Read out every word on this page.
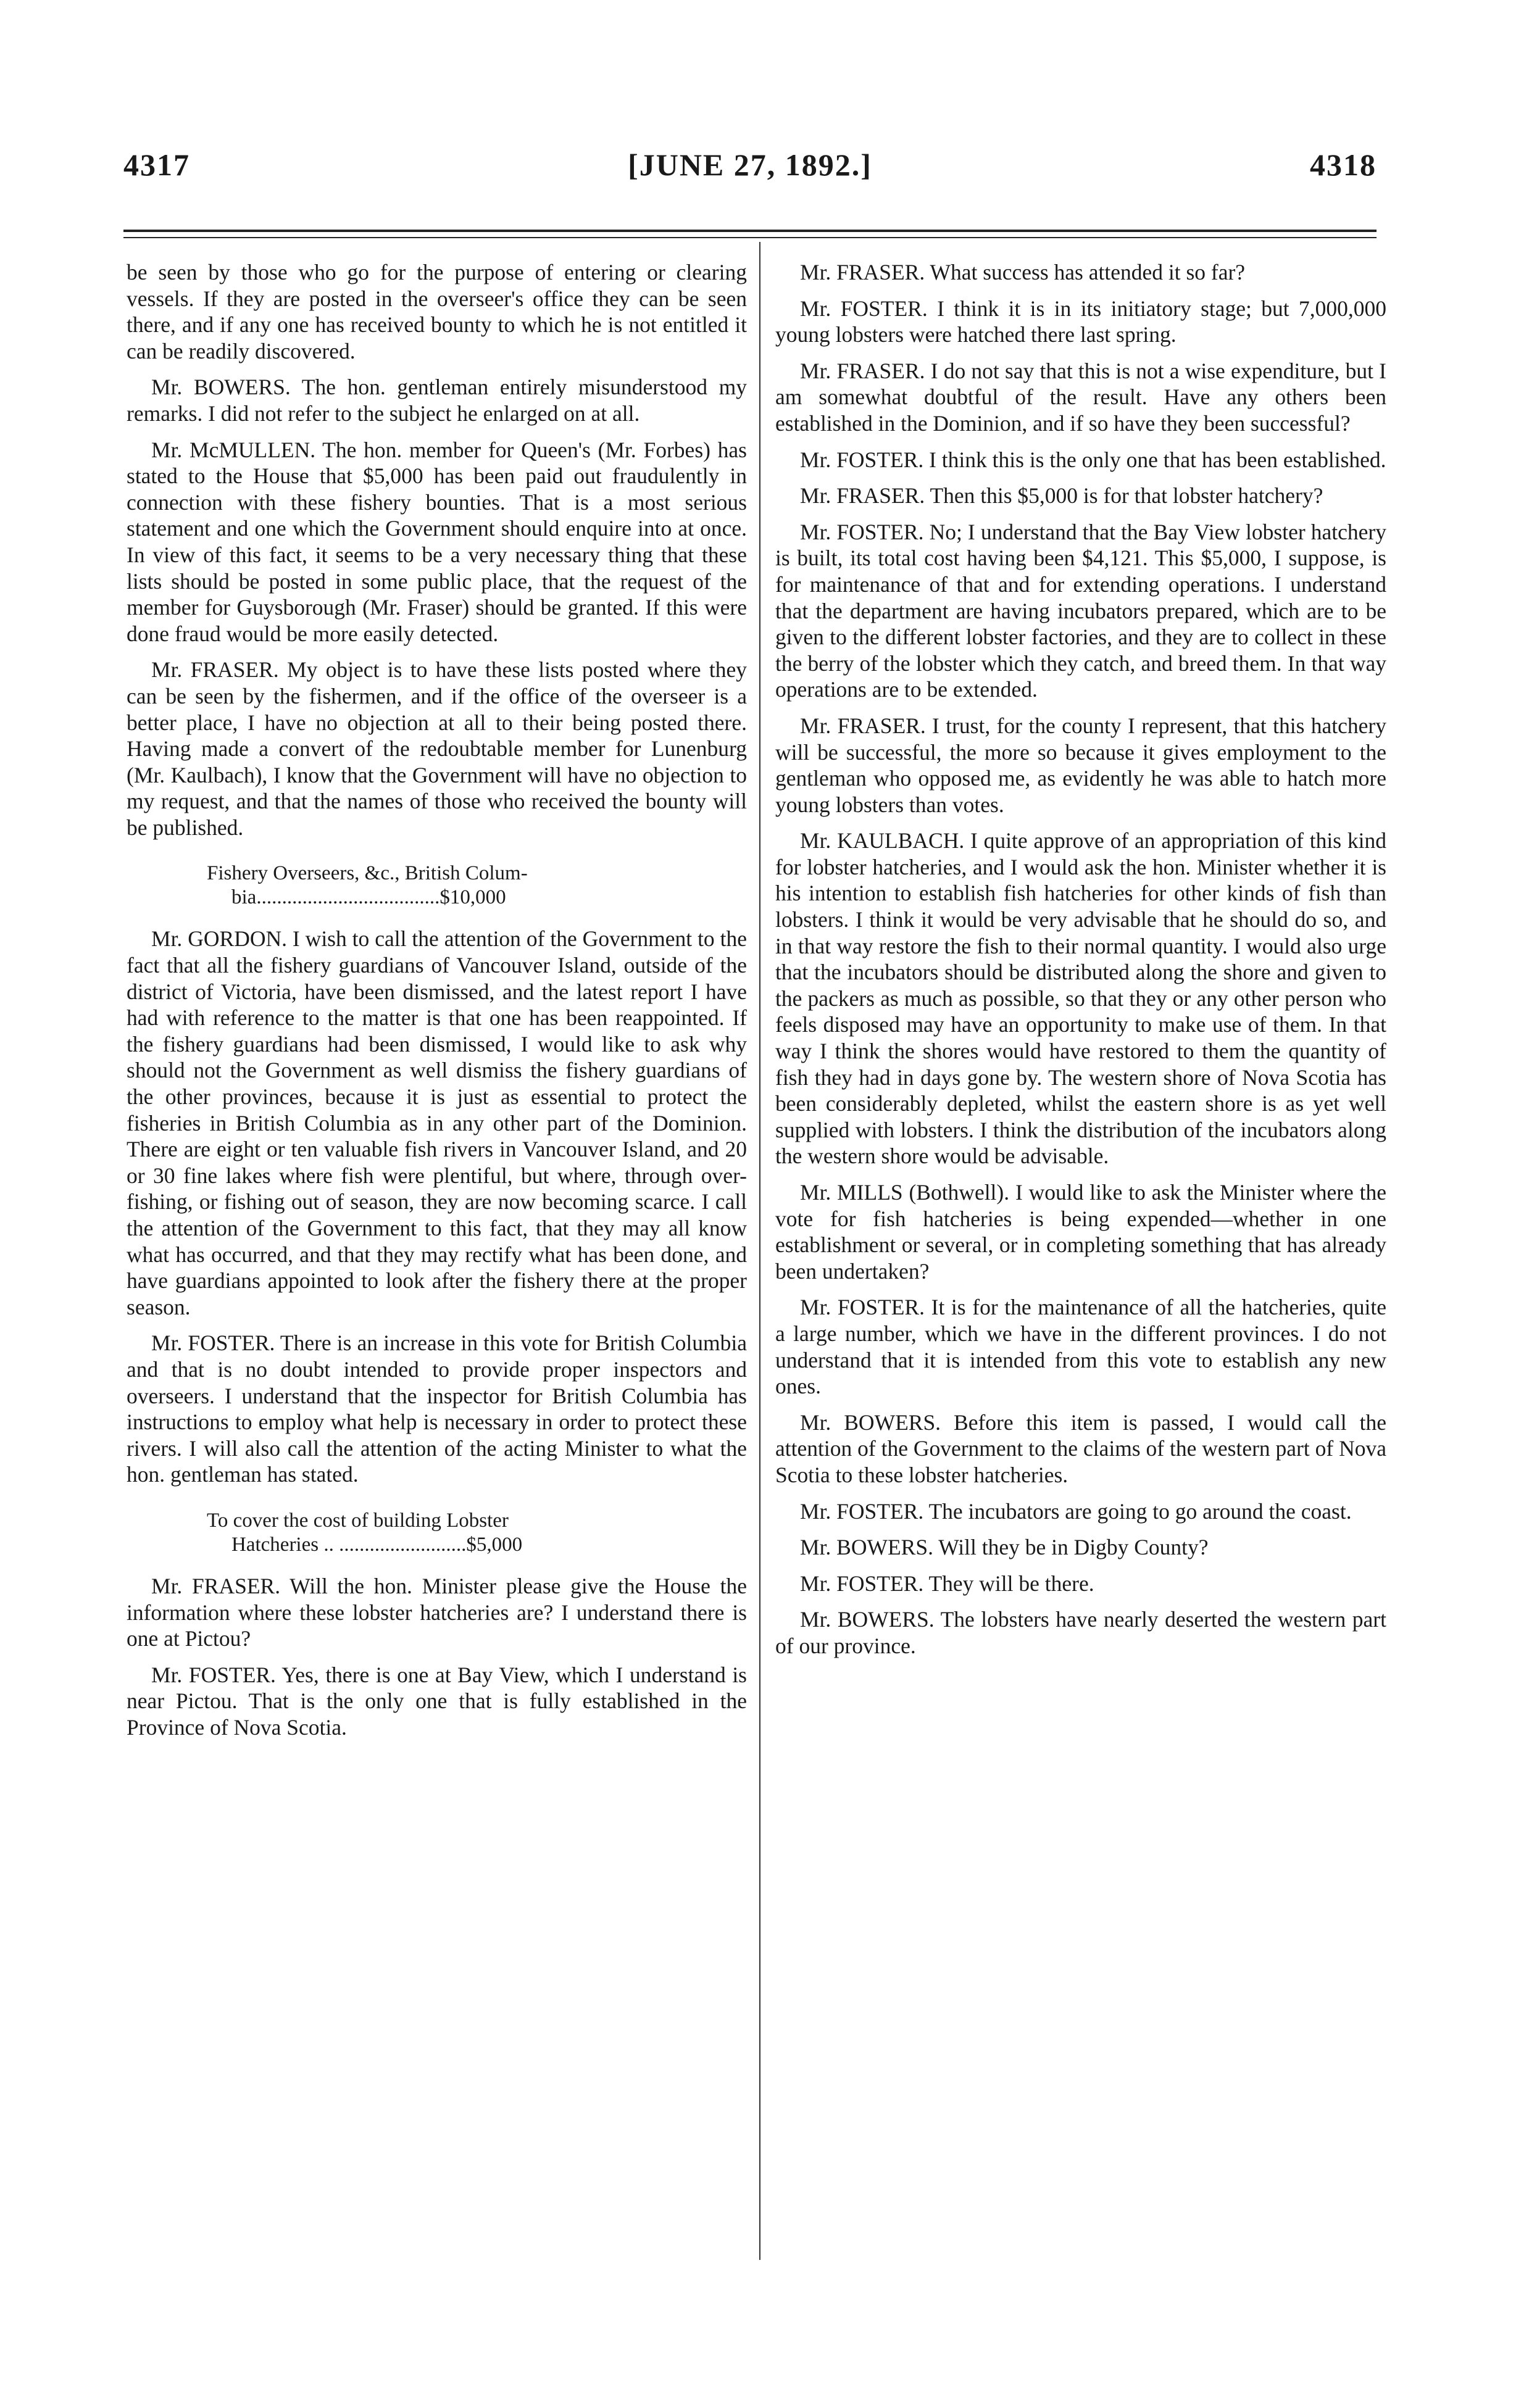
4317	[JUNE 27, 1892.]	4318

be seen by those who go for the purpose of entering or clearing vessels. If they are posted in the overseer's office they can be seen there, and if any one has received bounty to which he is not entitled it can be readily discovered.

Mr. BOWERS. The hon. gentleman entirely misunderstood my remarks. I did not refer to the subject he enlarged on at all.

Mr. McMULLEN. The hon. member for Queen's (Mr. Forbes) has stated to the House that $5,000 has been paid out fraudulently in connection with these fishery bounties. That is a most serious statement and one which the Government should enquire into at once. In view of this fact, it seems to be a very necessary thing that these lists should be posted in some public place, that the request of the member for Guysborough (Mr. Fraser) should be granted. If this were done fraud would be more easily detected.

Mr. FRASER. My object is to have these lists posted where they can be seen by the fishermen, and if the office of the overseer is a better place, I have no objection at all to their being posted there. Having made a convert of the redoubtable member for Lunenburg (Mr. Kaulbach), I know that the Government will have no objection to my request, and that the names of those who received the bounty will be published.

Fishery Overseers, &c., British Colum-
bia....................................$10,000

Mr. GORDON. I wish to call the attention of the Government to the fact that all the fishery guardians of Vancouver Island, outside of the district of Victoria, have been dismissed, and the latest report I have had with reference to the matter is that one has been reappointed. If the fishery guardians had been dismissed, I would like to ask why should not the Government as well dismiss the fishery guardians of the other provinces, because it is just as essential to protect the fisheries in British Columbia as in any other part of the Dominion. There are eight or ten valuable fish rivers in Vancouver Island, and 20 or 30 fine lakes where fish were plentiful, but where, through over-fishing, or fishing out of season, they are now becoming scarce. I call the attention of the Government to this fact, that they may all know what has occurred, and that they may rectify what has been done, and have guardians appointed to look after the fishery there at the proper season.

Mr. FOSTER. There is an increase in this vote for British Columbia and that is no doubt intended to provide proper inspectors and overseers. I understand that the inspector for British Columbia has instructions to employ what help is necessary in order to protect these rivers. I will also call the attention of the acting Minister to what the hon. gentleman has stated.

To cover the cost of building Lobster
Hatcheries .. .........................$5,000

Mr. FRASER. Will the hon. Minister please give the House the information where these lobster hatcheries are? I understand there is one at Pictou?

Mr. FOSTER. Yes, there is one at Bay View, which I understand is near Pictou. That is the only one that is fully established in the Province of Nova Scotia.

Mr. FRASER. What success has attended it so far?

Mr. FOSTER. I think it is in its initiatory stage; but 7,000,000 young lobsters were hatched there last spring.

Mr. FRASER. I do not say that this is not a wise expenditure, but I am somewhat doubtful of the result. Have any others been established in the Dominion, and if so have they been successful?

Mr. FOSTER. I think this is the only one that has been established.

Mr. FRASER. Then this $5,000 is for that lobster hatchery?

Mr. FOSTER. No; I understand that the Bay View lobster hatchery is built, its total cost having been $4,121. This $5,000, I suppose, is for maintenance of that and for extending operations. I understand that the department are having incubators prepared, which are to be given to the different lobster factories, and they are to collect in these the berry of the lobster which they catch, and breed them. In that way operations are to be extended.

Mr. FRASER. I trust, for the county I represent, that this hatchery will be successful, the more so because it gives employment to the gentleman who opposed me, as evidently he was able to hatch more young lobsters than votes.

Mr. KAULBACH. I quite approve of an appropriation of this kind for lobster hatcheries, and I would ask the hon. Minister whether it is his intention to establish fish hatcheries for other kinds of fish than lobsters. I think it would be very advisable that he should do so, and in that way restore the fish to their normal quantity. I would also urge that the incubators should be distributed along the shore and given to the packers as much as possible, so that they or any other person who feels disposed may have an opportunity to make use of them. In that way I think the shores would have restored to them the quantity of fish they had in days gone by. The western shore of Nova Scotia has been considerably depleted, whilst the eastern shore is as yet well supplied with lobsters. I think the distribution of the incubators along the western shore would be advisable.

Mr. MILLS (Bothwell). I would like to ask the Minister where the vote for fish hatcheries is being expended—whether in one establishment or several, or in completing something that has already been undertaken?

Mr. FOSTER. It is for the maintenance of all the hatcheries, quite a large number, which we have in the different provinces. I do not understand that it is intended from this vote to establish any new ones.

Mr. BOWERS. Before this item is passed, I would call the attention of the Government to the claims of the western part of Nova Scotia to these lobster hatcheries.

Mr. FOSTER. The incubators are going to go around the coast.

Mr. BOWERS. Will they be in Digby County?

Mr. FOSTER. They will be there.

Mr. BOWERS. The lobsters have nearly deserted the western part of our province.
